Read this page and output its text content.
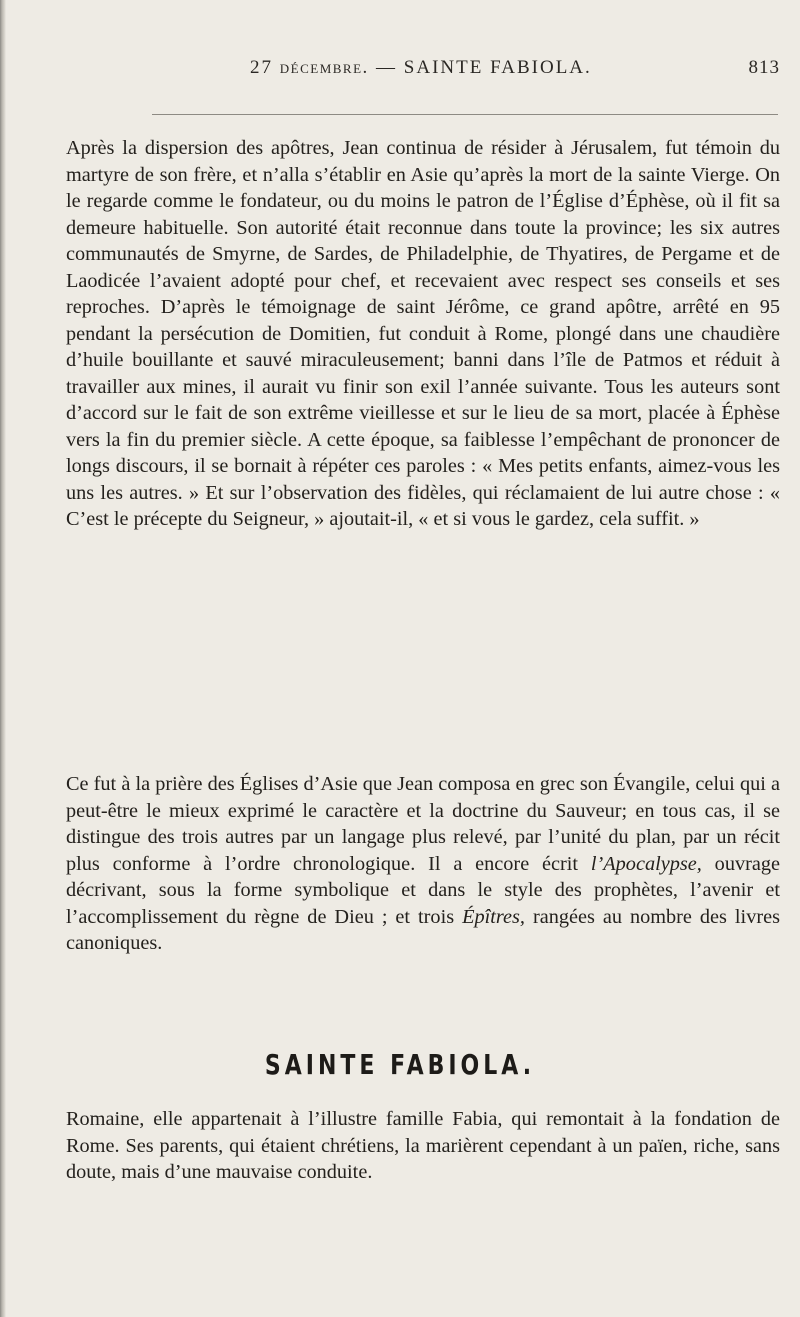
27 DÉCEMBRE. — SAINTE FABIOLA.	813

Après la dispersion des apôtres, Jean continua de résider à Jérusalem, fut témoin du martyre de son frère, et n’alla s’établir en Asie qu’après la mort de la sainte Vierge. On le regarde comme le fondateur, ou du moins le patron de l’Église d’Éphèse, où il fit sa demeure habituelle. Son autorité était reconnue dans toute la province; les six autres communautés de Smyrne, de Sardes, de Philadelphie, de Thyatires, de Pergame et de Laodicée l’avaient adopté pour chef, et recevaient avec respect ses conseils et ses reproches. D’après le témoignage de saint Jérôme, ce grand apôtre, arrêté en 95 pendant la persécution de Domitien, fut conduit à Rome, plongé dans une chaudière d’huile bouillante et sauvé miraculeusement; banni dans l’île de Patmos et réduit à travailler aux mines, il aurait vu finir son exil l’année suivante. Tous les auteurs sont d’accord sur le fait de son extrême vieillesse et sur le lieu de sa mort, placée à Éphèse vers la fin du premier siècle. A cette époque, sa faiblesse l’empêchant de prononcer de longs discours, il se bornait à répéter ces paroles : « Mes petits enfants, aimez-vous les uns les autres. » Et sur l’observation des fidèles, qui réclamaient de lui autre chose : « C’est le précepte du Seigneur, » ajoutait-il, « et si vous le gardez, cela suffit. »

Ce fut à la prière des Églises d’Asie que Jean composa en grec son Évangile, celui qui a peut-être le mieux exprimé le caractère et la doctrine du Sauveur; en tous cas, il se distingue des trois autres par un langage plus relevé, par l’unité du plan, par un récit plus conforme à l’ordre chronologique. Il a encore écrit l’Apocalypse, ouvrage décrivant, sous la forme symbolique et dans le style des prophètes, l’avenir et l’accomplissement du règne de Dieu ; et trois Épîtres, rangées au nombre des livres canoniques.

SAINTE FABIOLA.

Romaine, elle appartenait à l’illustre famille Fabia, qui remontait à la fondation de Rome. Ses parents, qui étaient chrétiens, la marièrent cependant à un païen, riche, sans doute, mais d’une mauvaise conduite.
